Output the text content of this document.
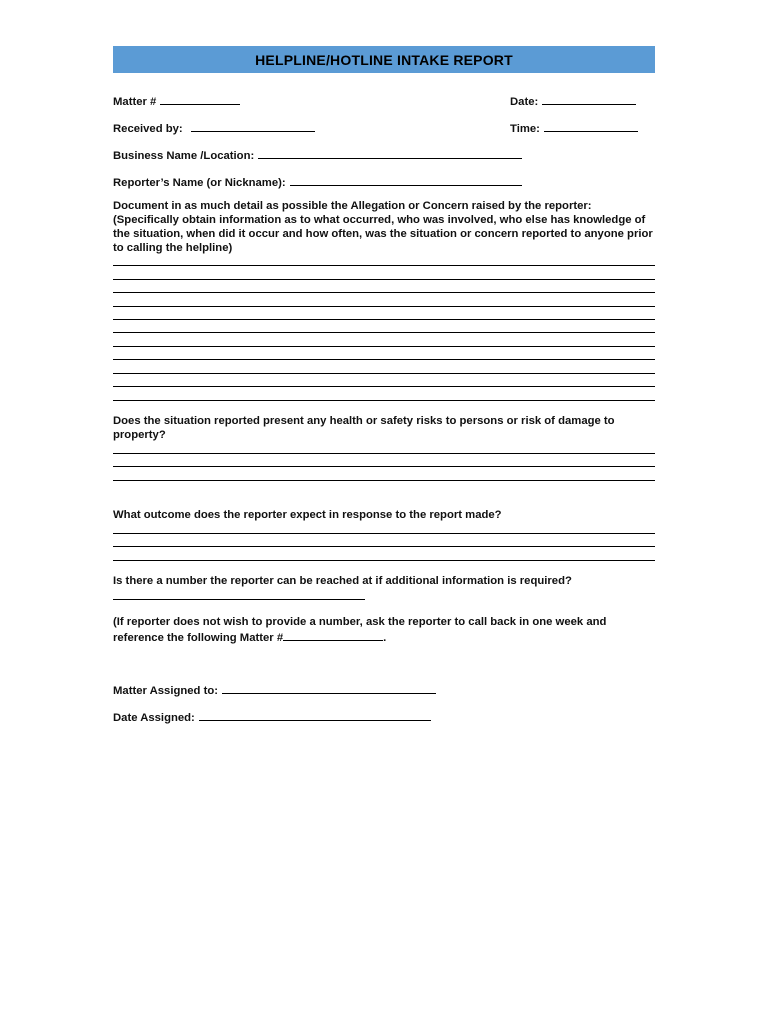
HELPLINE/HOTLINE INTAKE REPORT
Matter #	Date:
Received by:	Time:
Business Name /Location:
Reporter’s Name (or Nickname):
Document in as much detail as possible the Allegation or Concern raised by the reporter: (Specifically obtain information as to what occurred, who was involved, who else has knowledge of the situation, when did it occur and how often, was the situation or concern reported to anyone prior to calling the helpline)
Does the situation reported present any health or safety risks to persons or risk of damage to property?
What outcome does the reporter expect in response to the report made?
Is there a number the reporter can be reached at if additional information is required?
(If reporter does not wish to provide a number, ask the reporter to call back in one week and reference the following Matter #	.
Matter Assigned to:
Date Assigned:
